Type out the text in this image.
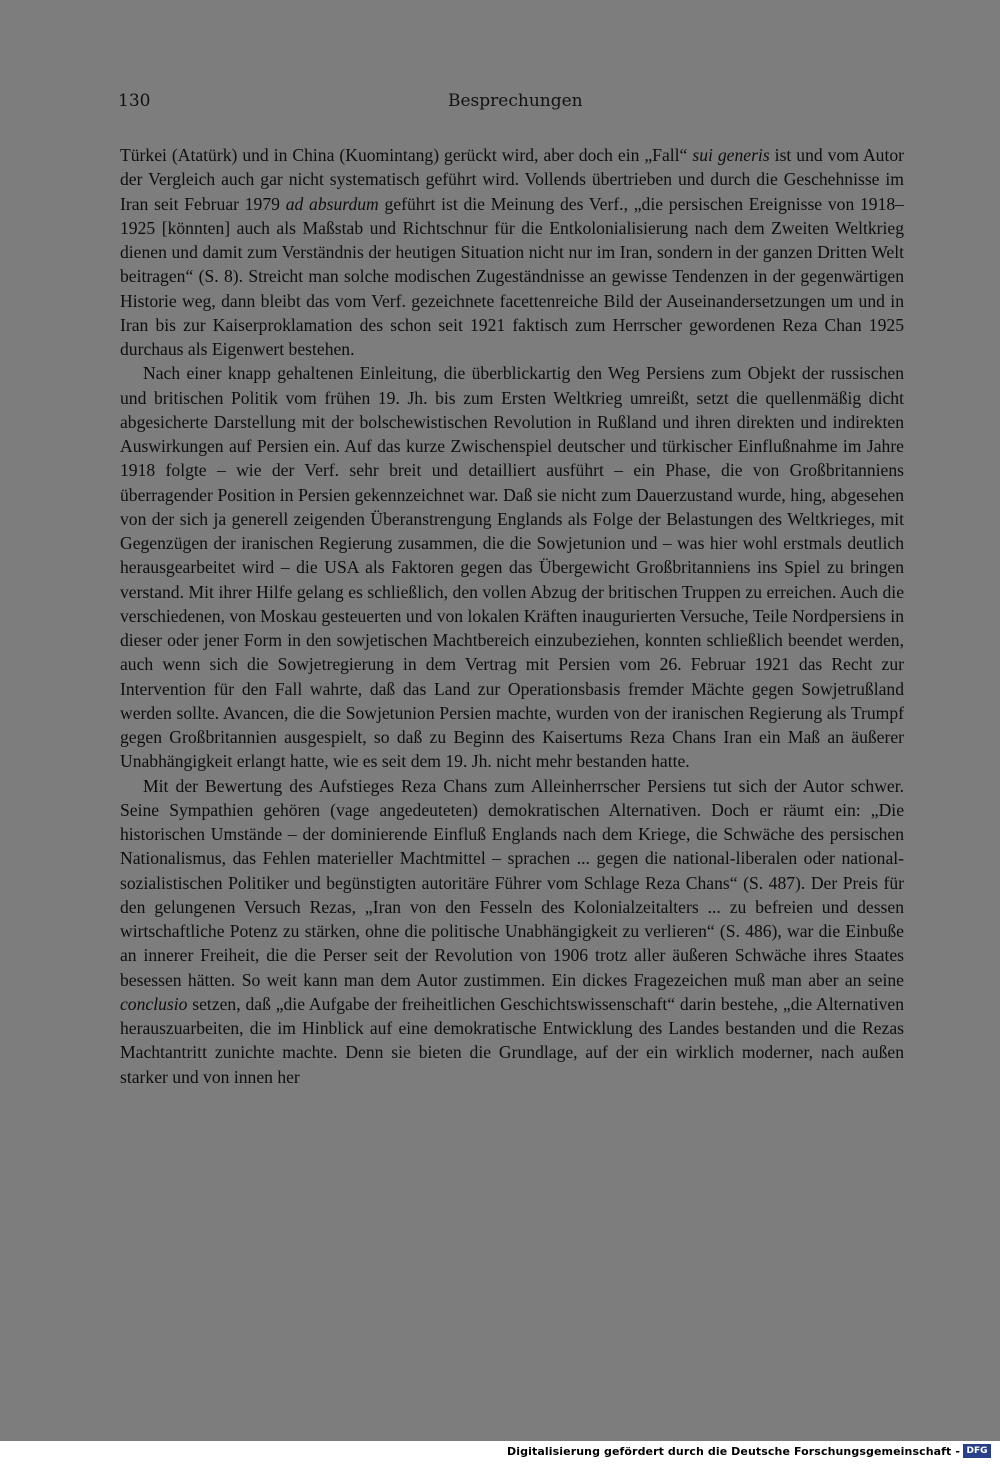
130	Besprechungen

Türkei (Atatürk) und in China (Kuomintang) gerückt wird, aber doch ein „Fall“ sui generis ist und vom Autor der Vergleich auch gar nicht systematisch geführt wird. Vollends übertrieben und durch die Geschehnisse im Iran seit Februar 1979 ad absurdum geführt ist die Meinung des Verf., „die persischen Ereignisse von 1918–1925 [könnten] auch als Maßstab und Richtschnur für die Entkolonialisierung nach dem Zweiten Weltkrieg dienen und damit zum Verständnis der heutigen Situation nicht nur im Iran, sondern in der ganzen Dritten Welt beitragen“ (S. 8). Streicht man solche modischen Zugeständnisse an gewisse Tendenzen in der gegenwärtigen Historie weg, dann bleibt das vom Verf. gezeichnete facettenreiche Bild der Auseinandersetzungen um und in Iran bis zur Kaiserproklamation des schon seit 1921 faktisch zum Herrscher gewordenen Reza Chan 1925 durchaus als Eigenwert bestehen.

Nach einer knapp gehaltenen Einleitung, die überblickartig den Weg Persiens zum Objekt der russischen und britischen Politik vom frühen 19. Jh. bis zum Ersten Weltkrieg umreißt, setzt die quellenmäßig dicht abgesicherte Darstellung mit der bolschewistischen Revolution in Rußland und ihren direkten und indirekten Auswirkungen auf Persien ein. Auf das kurze Zwischenspiel deutscher und türkischer Einflußnahme im Jahre 1918 folgte – wie der Verf. sehr breit und detailliert ausführt – ein Phase, die von Großbritanniens überragender Position in Persien gekennzeichnet war. Daß sie nicht zum Dauerzustand wurde, hing, abgesehen von der sich ja generell zeigenden Überanstrengung Englands als Folge der Belastungen des Weltkrieges, mit Gegenzügen der iranischen Regierung zusammen, die die Sowjetunion und – was hier wohl erstmals deutlich herausgearbeitet wird – die USA als Faktoren gegen das Übergewicht Großbritanniens ins Spiel zu bringen verstand. Mit ihrer Hilfe gelang es schließlich, den vollen Abzug der britischen Truppen zu erreichen. Auch die verschiedenen, von Moskau gesteuerten und von lokalen Kräften inaugurierten Versuche, Teile Nordpersiens in dieser oder jener Form in den sowjetischen Machtbereich einzubeziehen, konnten schließlich beendet werden, auch wenn sich die Sowjetregierung in dem Vertrag mit Persien vom 26. Februar 1921 das Recht zur Intervention für den Fall wahrte, daß das Land zur Operationsbasis fremder Mächte gegen Sowjetrußland werden sollte. Avancen, die die Sowjetunion Persien machte, wurden von der iranischen Regierung als Trumpf gegen Großbritannien ausgespielt, so daß zu Beginn des Kaisertums Reza Chans Iran ein Maß an äußerer Unabhängigkeit erlangt hatte, wie es seit dem 19. Jh. nicht mehr bestanden hatte.

Mit der Bewertung des Aufstieges Reza Chans zum Alleinherrscher Persiens tut sich der Autor schwer. Seine Sympathien gehören (vage angedeuteten) demokratischen Alternativen. Doch er räumt ein: „Die historischen Umstände – der dominierende Einfluß Englands nach dem Kriege, die Schwäche des persischen Nationalismus, das Fehlen materieller Machtmittel – sprachen ... gegen die national-liberalen oder national-sozialistischen Politiker und begünstigten autoritäre Führer vom Schlage Reza Chans“ (S. 487). Der Preis für den gelungenen Versuch Rezas, „Iran von den Fesseln des Kolonialzeitalters ... zu befreien und dessen wirtschaftliche Potenz zu stärken, ohne die politische Unabhängigkeit zu verlieren“ (S. 486), war die Einbuße an innerer Freiheit, die die Perser seit der Revolution von 1906 trotz aller äußeren Schwäche ihres Staates besessen hätten. So weit kann man dem Autor zustimmen. Ein dickes Fragezeichen muß man aber an seine conclusio setzen, daß „die Aufgabe der freiheitlichen Geschichtswissenschaft“ darin bestehe, „die Alternativen herauszuarbeiten, die im Hinblick auf eine demokratische Entwicklung des Landes bestanden und die Rezas Machtantritt zunichte machte. Denn sie bieten die Grundlage, auf der ein wirklich moderner, nach außen starker und von innen her

Digitalisierung gefördert durch die Deutsche Forschungsgemeinschaft - DFG
